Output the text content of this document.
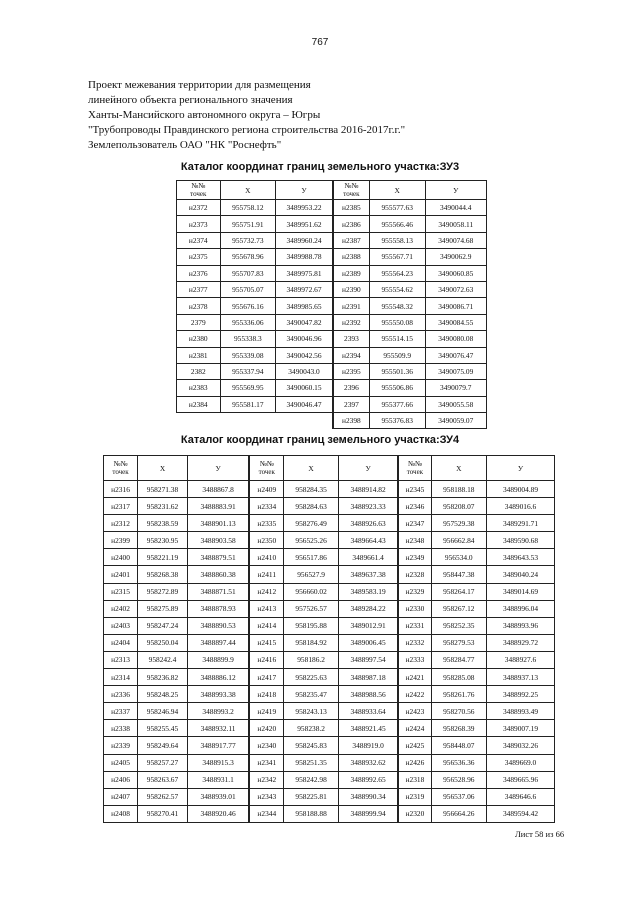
767
Проект межевания территории для размещения
линейного объекта регионального значения
Ханты-Мансийского автономного округа – Югры
"Трубопроводы Правдинского региона строительства 2016-2017г.г."
Землепользователь ОАО "НК "Роснефть"
Каталог координат границ земельного участка:ЗУ3
№№
точек	X	У	№№
точек	X	У
н2372	955758.12	3489953.22	н2385	955577.63	3490044.4
н2373	955751.91	3489951.62	н2386	955566.46	3490058.11
н2374	955732.73	3489960.24	н2387	955558.13	3490074.68
н2375	955678.96	3489988.78	н2388	955567.71	3490062.9
н2376	955707.83	3489975.81	н2389	955564.23	3490060.85
н2377	955705.07	3489972.67	н2390	955554.62	3490072.63
н2378	955676.16	3489985.65	н2391	955548.32	3490086.71
2379	955336.06	3490047.82	н2392	955550.08	3490084.55
н2380	955338.3	3490046.96	2393	955514.15	3490080.08
н2381	955339.08	3490042.56	н2394	955509.9	3490076.47
2382	955337.94	3490043.0	н2395	955501.36	3490075.09
н2383	955569.95	3490060.15	2396	955506.86	3490079.7
н2384	955581.17	3490046.47	2397	955377.66	3490055.58
			н2398	955376.83	3490059.07
Каталог координат границ земельного участка:ЗУ4
№№
точек	X	У	№№
точек	X	У	№№
точек	X	У
н2316	958271.38	3488867.8	н2409	958284.35	3488914.82	н2345	958188.18	3489004.89
н2317	958231.62	3488883.91	н2334	958284.63	3488923.33	н2346	958208.07	3489016.6
н2312	958238.59	3488901.13	н2335	958276.49	3488926.63	н2347	957529.38	3489291.71
н2399	958230.95	3488903.58	н2350	956525.26	3489664.43	н2348	956662.84	3489590.68
н2400	958221.19	3488879.51	н2410	956517.86	3489661.4	н2349	956534.0	3489643.53
н2401	958268.38	3488860.38	н2411	956527.9	3489637.38	н2328	958447.38	3489040.24
н2315	958272.89	3488871.51	н2412	956660.02	3489583.19	н2329	958264.17	3489014.69
н2402	958275.89	3488878.93	н2413	957526.57	3489284.22	н2330	958267.12	3488996.04
н2403	958247.24	3488890.53	н2414	958195.88	3489012.91	н2331	958252.35	3488993.96
н2404	958250.04	3488897.44	н2415	958184.92	3489006.45	н2332	958279.53	3488929.72
н2313	958242.4	3488899.9	н2416	958186.2	3488997.54	н2333	958284.77	3488927.6
н2314	958236.82	3488886.12	н2417	958225.63	3488987.18	н2421	958285.08	3488937.13
н2336	958248.25	3488993.38	н2418	958235.47	3488988.56	н2422	958261.76	3488992.25
н2337	958246.94	3488993.2	н2419	958243.13	3488933.64	н2423	958270.56	3488993.49
н2338	958255.45	3488932.11	н2420	958238.2	3488921.45	н2424	958268.39	3489007.19
н2339	958249.64	3488917.77	н2340	958245.83	3488919.0	н2425	958448.07	3489032.26
н2405	958257.27	3488915.3	н2341	958251.35	3488932.62	н2426	956536.36	3489669.0
н2406	958263.67	3488931.1	н2342	958242.98	3488992.65	н2318	956528.96	3489665.96
н2407	958262.57	3488939.01	н2343	958225.81	3488990.34	н2319	956537.06	3489646.6
н2408	958270.41	3488920.46	н2344	958188.88	3488999.94	н2320	956664.26	3489594.42
Лист 58 из 66
